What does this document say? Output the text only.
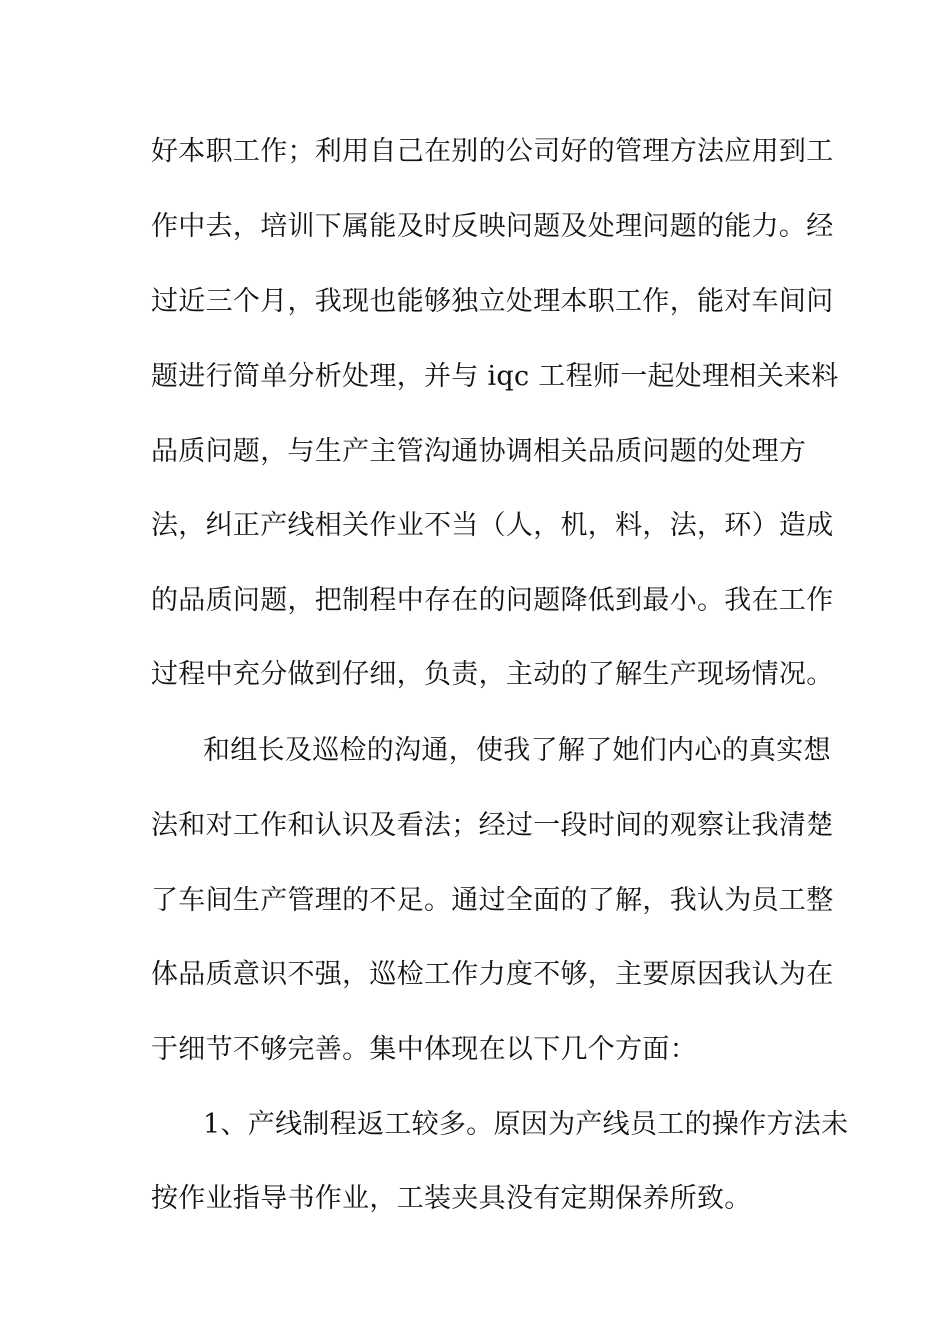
好本职工作；利用自己在别的公司好的管理方法应用到工
作中去，培训下属能及时反映问题及处理问题的能力。经
过近三个月，我现也能够独立处理本职工作，能对车间问
题进行简单分析处理，并与 iqc 工程师一起处理相关来料
品质问题，与生产主管沟通协调相关品质问题的处理方
法，纠正产线相关作业不当（人，机，料，法，环）造成
的品质问题，把制程中存在的问题降低到最小。我在工作
过程中充分做到仔细，负责，主动的了解生产现场情况。
和组长及巡检的沟通，使我了解了她们内心的真实想
法和对工作和认识及看法；经过一段时间的观察让我清楚
了车间生产管理的不足。通过全面的了解，我认为员工整
体品质意识不强，巡检工作力度不够，主要原因我认为在
于细节不够完善。集中体现在以下几个方面：
1、产线制程返工较多。原因为产线员工的操作方法未
按作业指导书作业，工装夹具没有定期保养所致。
